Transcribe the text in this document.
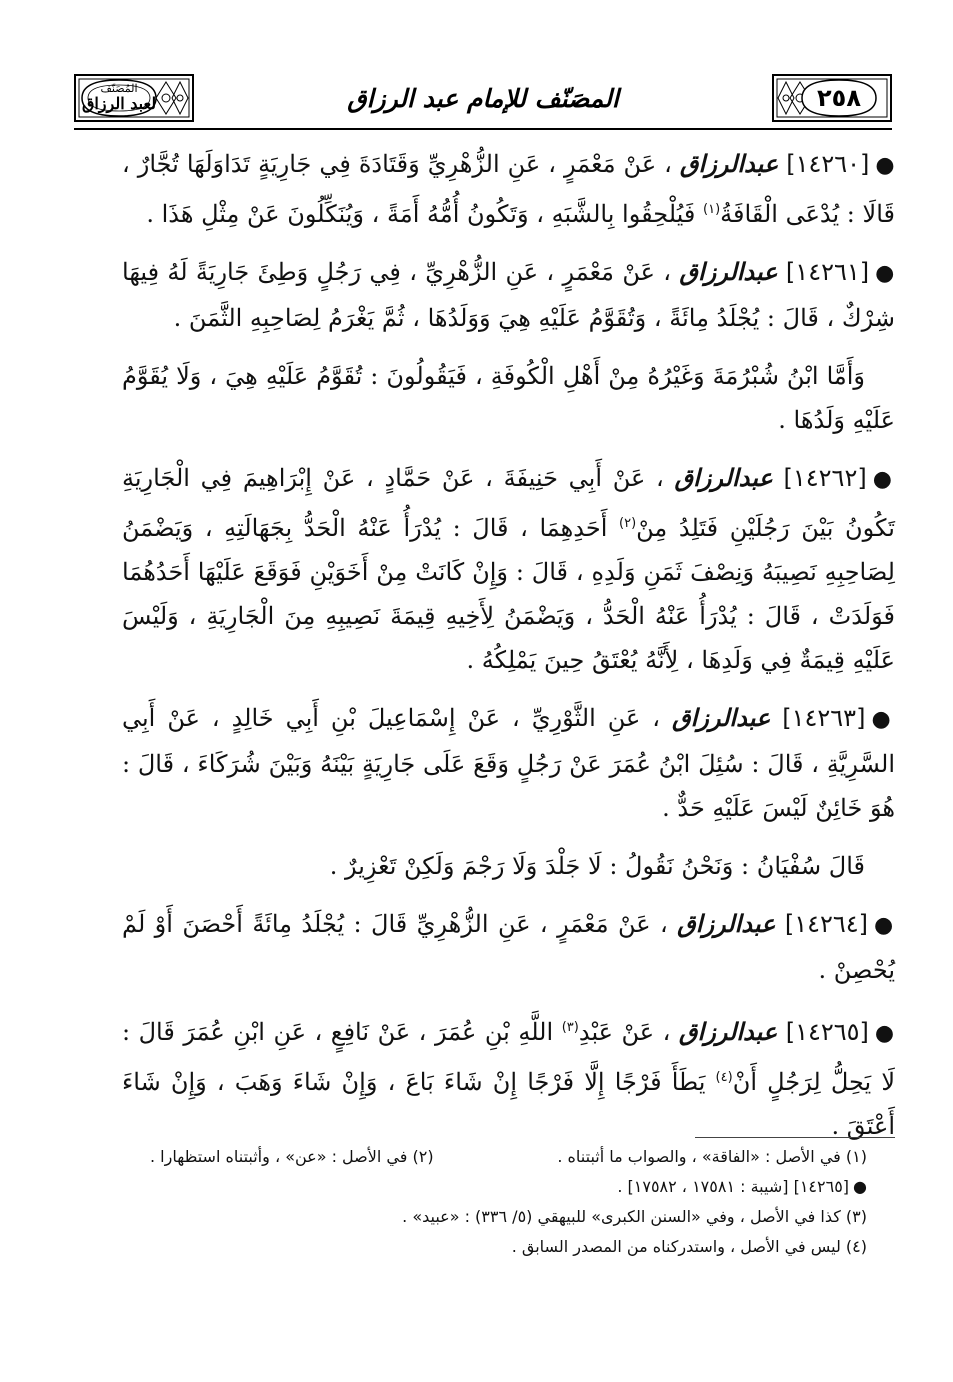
المُصَنّف
لعبد الرزاق	المصَنّف للإمام عبد الرزاق	٢٥٨

●[١٤٢٦٠] عبدالرزاق ، عَنْ مَعْمَرٍ ، عَنِ الزُّهْرِيِّ وَقَتَادَةَ فِي جَارِيَةٍ تَدَاوَلَهَا تُجَّارٌ ، قَالَا : يُدْعَى الْقَافَةُ$^{(١)}$ فَيُلْحِقُوا بِالشَّبَهِ ، وَتَكُونُ أُمُّهُ أَمَةً ، وَيُنَكِّلُونَ عَنْ مِثْلِ هَذَا .

●[١٤٢٦١] عبدالرزاق ، عَنْ مَعْمَرٍ ، عَنِ الزُّهْرِيِّ ، فِي رَجُلٍ وَطِئَ جَارِيَةً لَهُ فِيهَا شِرْكٌ ، قَالَ : يُجْلَدُ مِائَةً ، وَتُقَوَّمُ عَلَيْهِ هِيَ وَوَلَدُهَا ، ثُمَّ يَغْرَمُ لِصَاحِبِهِ الثَّمَنَ .

وَأَمَّا ابْنُ شُبْرُمَةَ وَغَيْرُهُ مِنْ أَهْلِ الْكُوفَةِ ، فَيَقُولُونَ : تُقَوَّمُ عَلَيْهِ هِيَ ، وَلَا يُقَوَّمُ عَلَيْهِ وَلَدُهَا .

●[١٤٢٦٢] عبدالرزاق ، عَنْ أَبِي حَنِيفَةَ ، عَنْ حَمَّادٍ ، عَنْ إِبْرَاهِيمَ فِي الْجَارِيَةِ تَكُونُ بَيْنَ رَجُلَيْنِ فَتَلِدُ مِنْ$^{(٢)}$ أَحَدِهِمَا ، قَالَ : يُدْرَأُ عَنْهُ الْحَدُّ بِجَهَالَتِهِ ، وَيَضْمَنُ لِصَاحِبِهِ نَصِيبَهُ وَنِصْفَ ثَمَنِ وَلَدِهِ ، قَالَ : وَإِنْ كَانَتْ مِنْ أَخَوَيْنِ فَوَقَعَ عَلَيْهَا أَحَدُهُمَا فَوَلَدَتْ ، قَالَ : يُدْرَأُ عَنْهُ الْحَدُّ ، وَيَضْمَنُ لِأَخِيهِ قِيمَةَ نَصِيبِهِ مِنَ الْجَارِيَةِ ، وَلَيْسَ عَلَيْهِ قِيمَةٌ فِي وَلَدِهَا ، لِأَنَّهُ يُعْتَقُ حِينَ يَمْلِكُهُ .

●[١٤٢٦٣] عبدالرزاق ، عَنِ الثَّوْرِيِّ ، عَنْ إِسْمَاعِيلَ بْنِ أَبِي خَالِدٍ ، عَنْ أَبِي السَّرِيَّةِ ، قَالَ : سُئِلَ ابْنُ عُمَرَ عَنْ رَجُلٍ وَقَعَ عَلَى جَارِيَةٍ بَيْنَهُ وَبَيْنَ شُرَكَاءَ ، قَالَ : هُوَ خَائِنٌ لَيْسَ عَلَيْهِ حَدٌّ .

قَالَ سُفْيَانُ : وَنَحْنُ نَقُولُ : لَا جَلْدَ وَلَا رَجْمَ وَلَكِنْ تَعْزِيرٌ .

●[١٤٢٦٤] عبدالرزاق ، عَنْ مَعْمَرٍ ، عَنِ الزُّهْرِيِّ قَالَ : يُجْلَدُ مِائَةً أَحْصَنَ أَوْ لَمْ يُحْصِنْ .

●[١٤٢٦٥] عبدالرزاق ، عَنْ عَبْدِ$^{(٣)}$ اللَّهِ بْنِ عُمَرَ ، عَنْ نَافِعٍ ، عَنِ ابْنِ عُمَرَ قَالَ : لَا يَحِلُّ لِرَجُلٍ أَنْ$^{(٤)}$ يَطَأَ فَرْجًا إِلَّا فَرْجًا إِنْ شَاءَ بَاعَ ، وَإِنْ شَاءَ وَهَبَ ، وَإِنْ شَاءَ أَعْتَقَ .

(١) في الأصل : «الفاقة» ، والصواب ما أثبتناه .
(٢) في الأصل : «عن» ، وأثبتناه استظهارا .
●[١٤٢٦٥] [شيبة : ١٧٥٨١ ، ١٧٥٨٢] .
(٣) كذا في الأصل ، وفي «السنن الكبرى» للبيهقي (٥/ ٣٣٦) : «عبيد» .
(٤) ليس في الأصل ، واستدركناه من المصدر السابق .
